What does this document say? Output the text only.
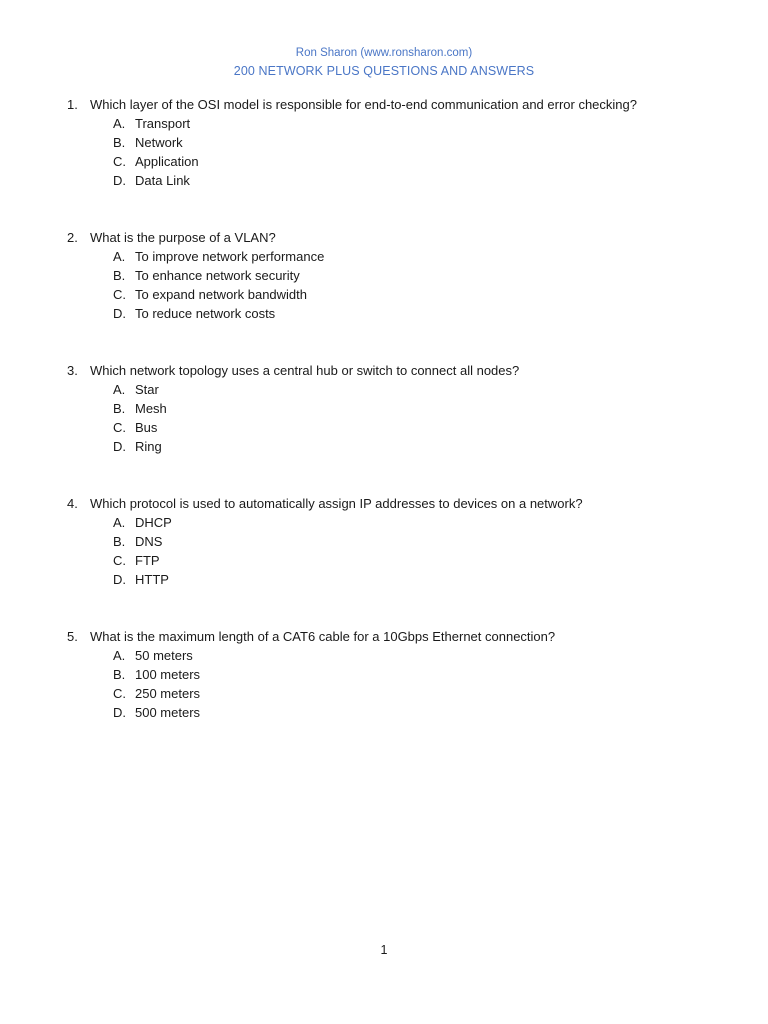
Ron Sharon (www.ronsharon.com)
200 NETWORK PLUS QUESTIONS AND ANSWERS
1. Which layer of the OSI model is responsible for end-to-end communication and error checking?
A. Transport
B. Network
C. Application
D. Data Link
2. What is the purpose of a VLAN?
A. To improve network performance
B. To enhance network security
C. To expand network bandwidth
D. To reduce network costs
3. Which network topology uses a central hub or switch to connect all nodes?
A. Star
B. Mesh
C. Bus
D. Ring
4. Which protocol is used to automatically assign IP addresses to devices on a network?
A. DHCP
B. DNS
C. FTP
D. HTTP
5. What is the maximum length of a CAT6 cable for a 10Gbps Ethernet connection?
A. 50 meters
B. 100 meters
C. 250 meters
D. 500 meters
1
